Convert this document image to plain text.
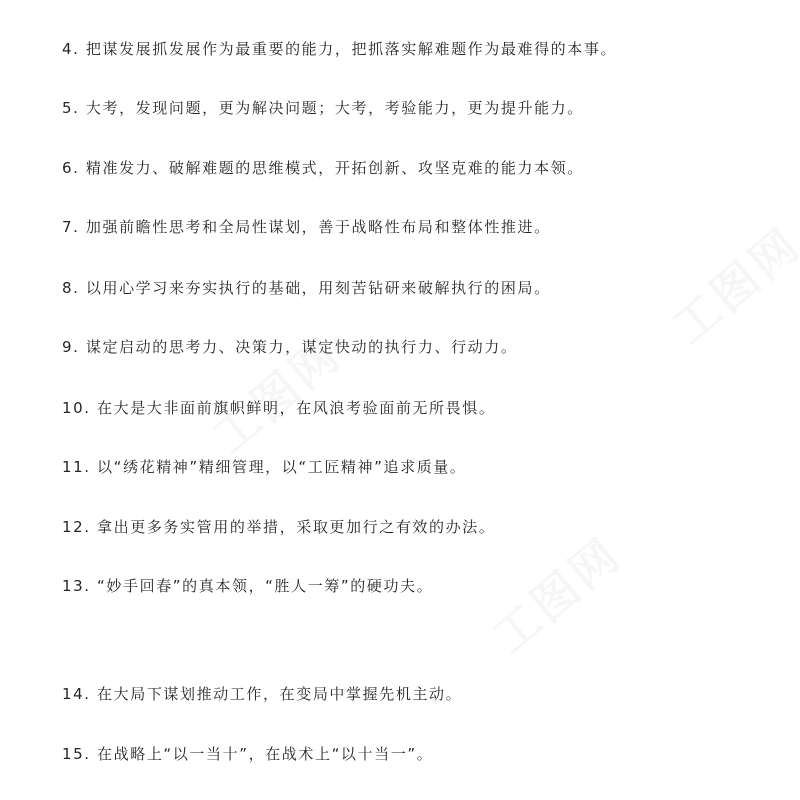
4. 把谋发展抓发展作为最重要的能力，把抓落实解难题作为最难得的本事。
5. 大考，发现问题，更为解决问题；大考，考验能力，更为提升能力。
6. 精准发力、破解难题的思维模式，开拓创新、攻坚克难的能力本领。
7. 加强前瞻性思考和全局性谋划，善于战略性布局和整体性推进。
8. 以用心学习来夯实执行的基础，用刻苦钻研来破解执行的困局。
9. 谋定启动的思考力、决策力，谋定快动的执行力、行动力。
10. 在大是大非面前旗帜鲜明，在风浪考验面前无所畏惧。
11. 以“绣花精神”精细管理，以“工匠精神”追求质量。
12. 拿出更多务实管用的举措，采取更加行之有效的办法。
13. “妙手回春”的真本领，“胜人一筹”的硬功夫。
14. 在大局下谋划推动工作，在变局中掌握先机主动。
15. 在战略上“以一当十”，在战术上“以十当一”。
